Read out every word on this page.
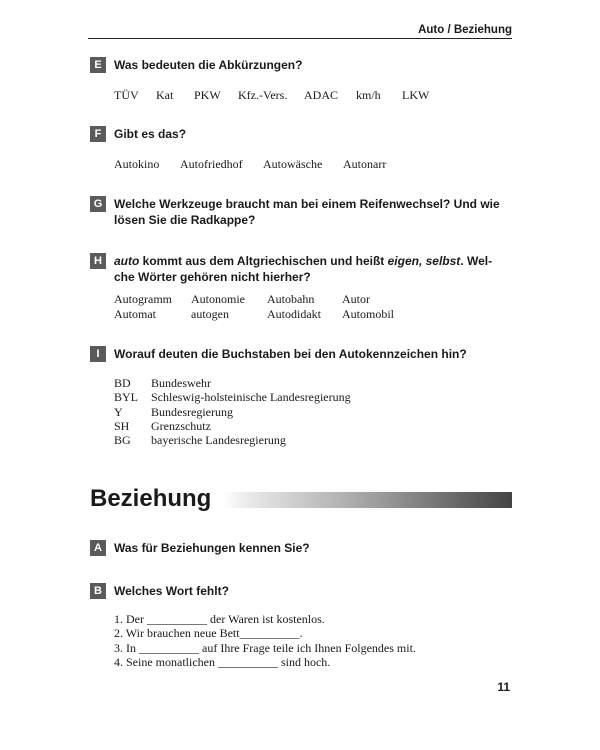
Auto / Beziehung
E	Was bedeuten die Abkürzungen?
TÜV Kat PKW Kfz.-Vers. ADAC km/h LKW
F	Gibt es das?
Autokino Autofriedhof Autowäsche Autonarr
G Welche Werkzeuge braucht man bei einem Reifenwechsel? Und wie
lösen Sie die Radkappe?
H	auto kommt aus dem Altgriechischen und heißt eigen, selbst. Wel-
che Wörter gehören nicht hierher?
Autogramm Autonomie Autobahn Autor
Automat	autogen	Autodidakt Automobil
I	Worauf deuten die Buchstaben bei den Autokennzeichen hin?
BD Bundeswehr
BYL Schleswig-holsteinische Landesregierung
Y Bundesregierung
SH Grenzschutz
BG bayerische Landesregierung
Beziehung
A	Was für Beziehungen kennen Sie?
B	Welches Wort fehlt?
1. Der __________ der Waren ist kostenlos.
2. Wir brauchen neue Bett__________.
3. In __________ auf Ihre Frage teile ich Ihnen Folgendes mit.
4. Seine monatlichen __________ sind hoch.
11
